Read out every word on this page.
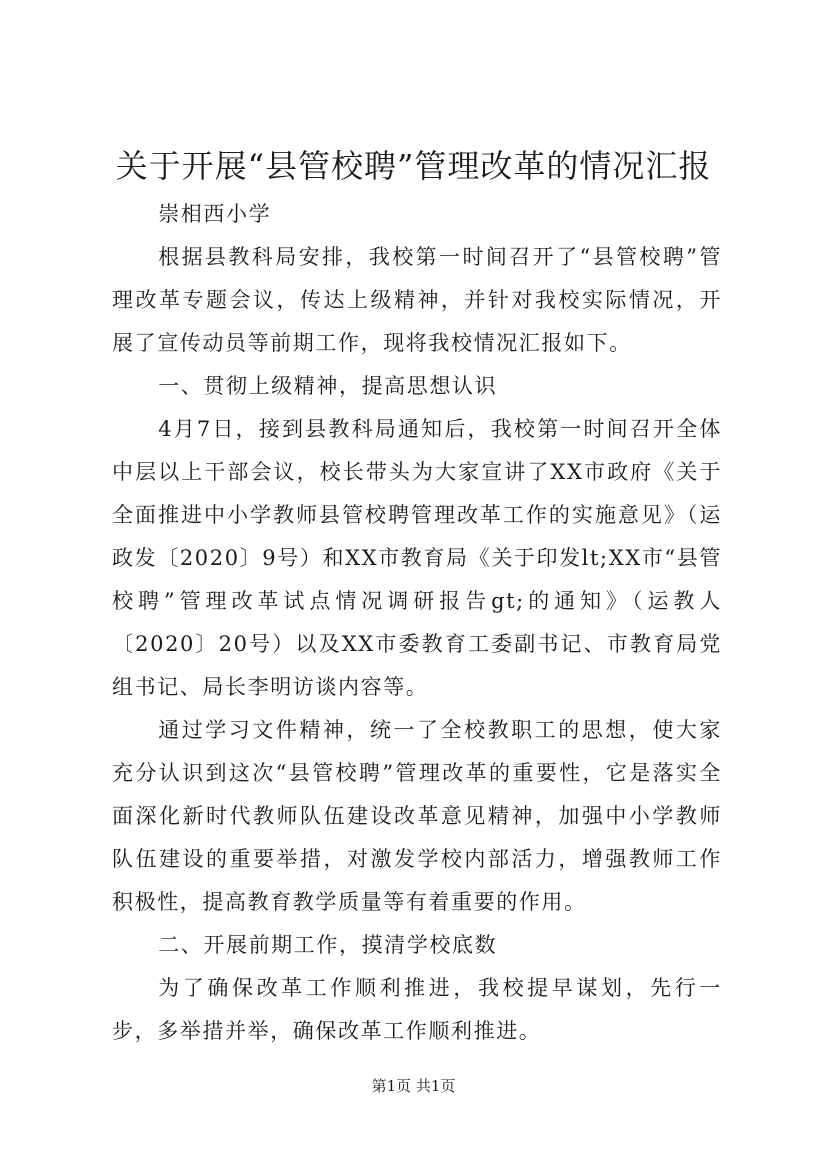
关于开展“县管校聘”管理改革的情况汇报

崇相西小学

根据县教科局安排，我校第一时间召开了“县管校聘”管理改革专题会议，传达上级精神，并针对我校实际情况，开展了宣传动员等前期工作，现将我校情况汇报如下。

一、贯彻上级精神，提高思想认识

4月7日，接到县教科局通知后，我校第一时间召开全体中层以上干部会议，校长带头为大家宣讲了XX市政府《关于全面推进中小学教师县管校聘管理改革工作的实施意见》（运政发〔2020〕9号）和XX市教育局《关于印发lt;XX市“县管校聘”管理改革试点情况调研报告gt;的通知》（运教人〔2020〕20号）以及XX市委教育工委副书记、市教育局党组书记、局长李明访谈内容等。

通过学习文件精神，统一了全校教职工的思想，使大家充分认识到这次“县管校聘”管理改革的重要性，它是落实全面深化新时代教师队伍建设改革意见精神，加强中小学教师队伍建设的重要举措，对激发学校内部活力，增强教师工作积极性，提高教育教学质量等有着重要的作用。

二、开展前期工作，摸清学校底数

为了确保改革工作顺利推进，我校提早谋划，先行一步，多举措并举，确保改革工作顺利推进。

第1页 共1页
